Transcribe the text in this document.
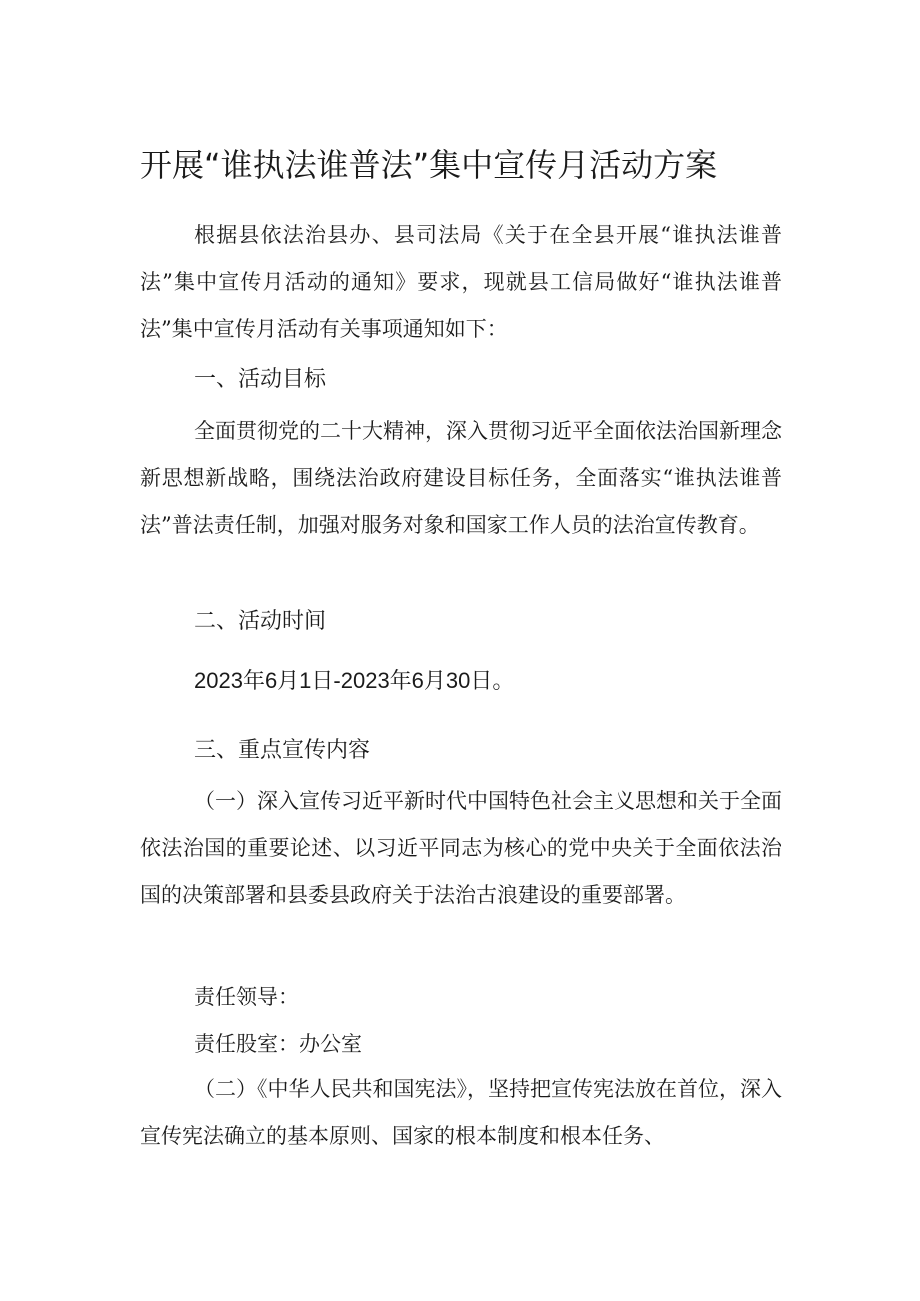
开展“谁执法谁普法”集中宣传月活动方案

根据县依法治县办、县司法局《关于在全县开展“谁执法谁普法”集中宣传月活动的通知》要求，现就县工信局做好“谁执法谁普法”集中宣传月活动有关事项通知如下：

一、活动目标

全面贯彻党的二十大精神，深入贯彻习近平全面依法治国新理念新思想新战略，围绕法治政府建设目标任务，全面落实“谁执法谁普法”普法责任制，加强对服务对象和国家工作人员的法治宣传教育。

二、活动时间

2023年6月1日-2023年6月30日。

三、重点宣传内容

（一）深入宣传习近平新时代中国特色社会主义思想和关于全面依法治国的重要论述、以习近平同志为核心的党中央关于全面依法治国的决策部署和县委县政府关于法治古浪建设的重要部署。

责任领导：

责任股室：办公室

（二）《中华人民共和国宪法》，坚持把宣传宪法放在首位，深入宣传宪法确立的基本原则、国家的根本制度和根本任务、
